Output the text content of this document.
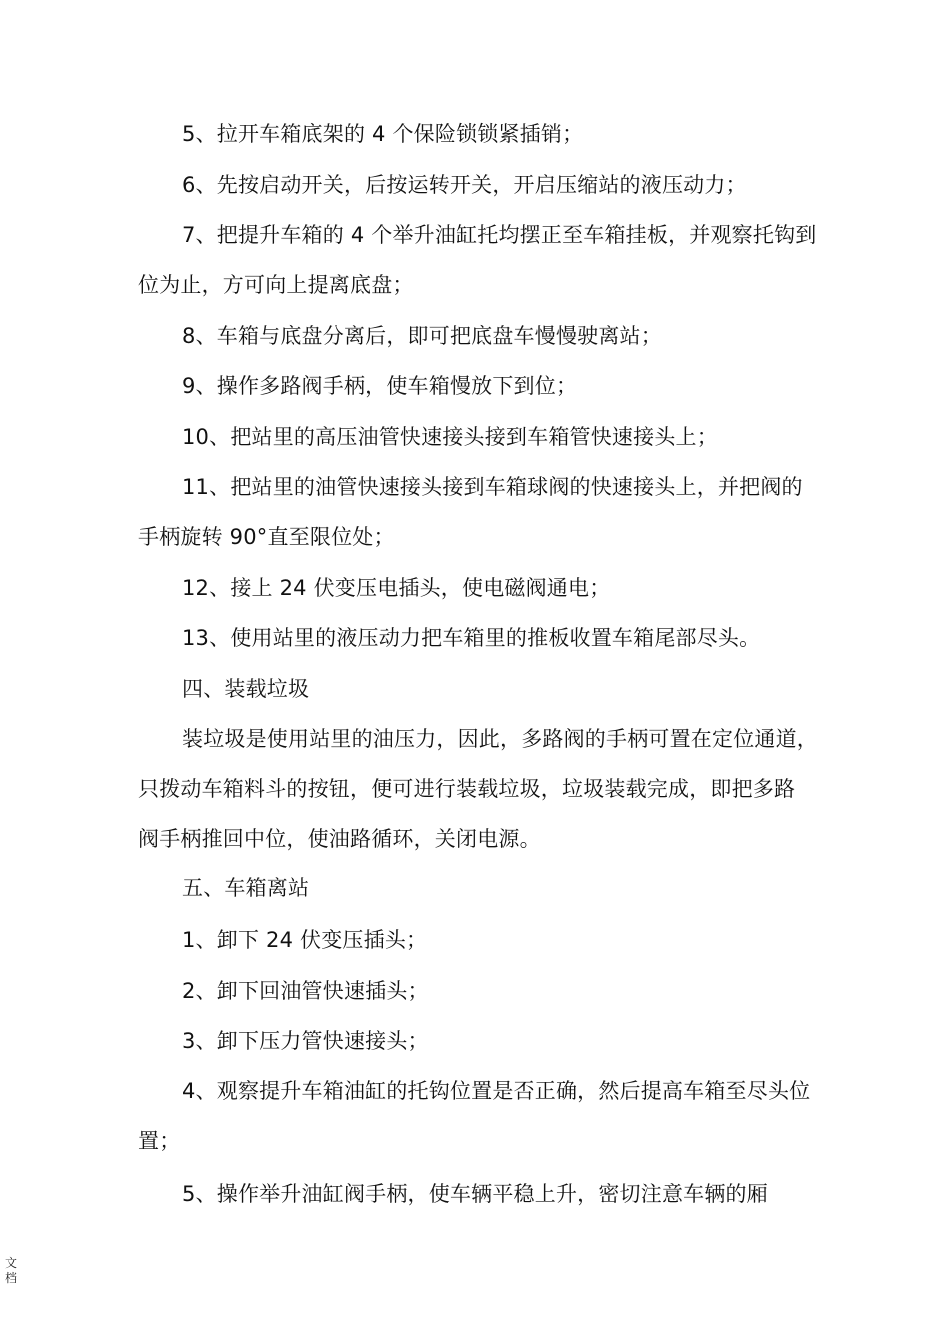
5、拉开车箱底架的 4 个保险锁锁紧插销；
6、先按启动开关，后按运转开关，开启压缩站的液压动力；
7、把提升车箱的 4 个举升油缸托均摆正至车箱挂板，并观察托钩到
位为止，方可向上提离底盘；
8、车箱与底盘分离后，即可把底盘车慢慢驶离站；
9、操作多路阀手柄，使车箱慢放下到位；
10、把站里的高压油管快速接头接到车箱管快速接头上；
11、把站里的油管快速接头接到车箱球阀的快速接头上，并把阀的
手柄旋转 90°直至限位处；
12、接上 24 伏变压电插头，使电磁阀通电；
13、使用站里的液压动力把车箱里的推板收置车箱尾部尽头。
四、装载垃圾
装垃圾是使用站里的油压力，因此，多路阀的手柄可置在定位通道，
只拨动车箱料斗的按钮，便可进行装载垃圾，垃圾装载完成，即把多路
阀手柄推回中位，使油路循环，关闭电源。
五、车箱离站
1、卸下 24 伏变压插头；
2、卸下回油管快速插头；
3、卸下压力管快速接头；
4、观察提升车箱油缸的托钩位置是否正确，然后提高车箱至尽头位
置；
5、操作举升油缸阀手柄，使车辆平稳上升，密切注意车辆的厢
文档
